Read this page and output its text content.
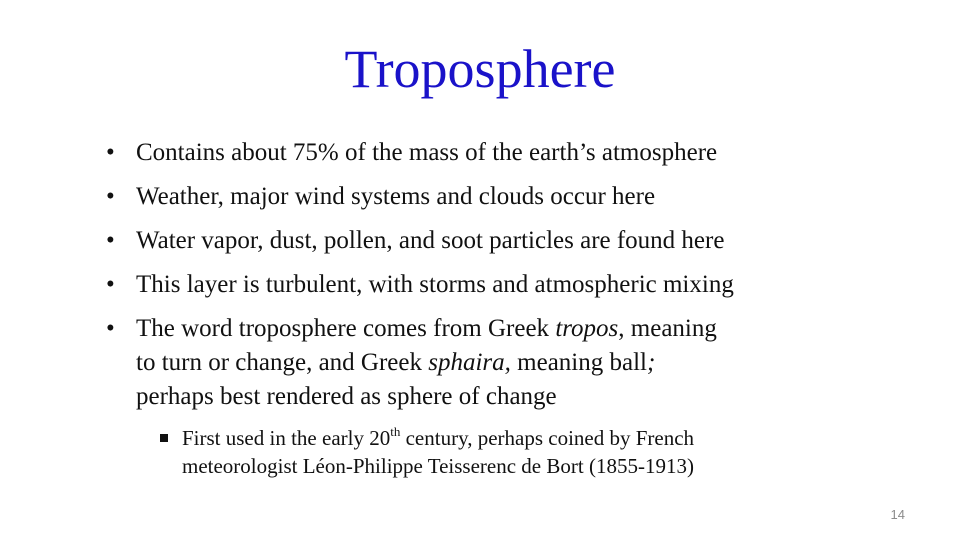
Troposphere
• Contains about 75% of the mass of the earth’s atmosphere
• Weather, major wind systems and clouds occur here
• Water vapor, dust, pollen, and soot particles are found here
• This layer is turbulent, with storms and atmospheric mixing
• The word troposphere comes from Greek tropos, meaning
to turn or change, and Greek sphaira, meaning ball;
perhaps best rendered as sphere of change
First used in the early 20th century, perhaps coined by French
meteorologist Léon-Philippe Teisserenc de Bort (1855-1913)
14
